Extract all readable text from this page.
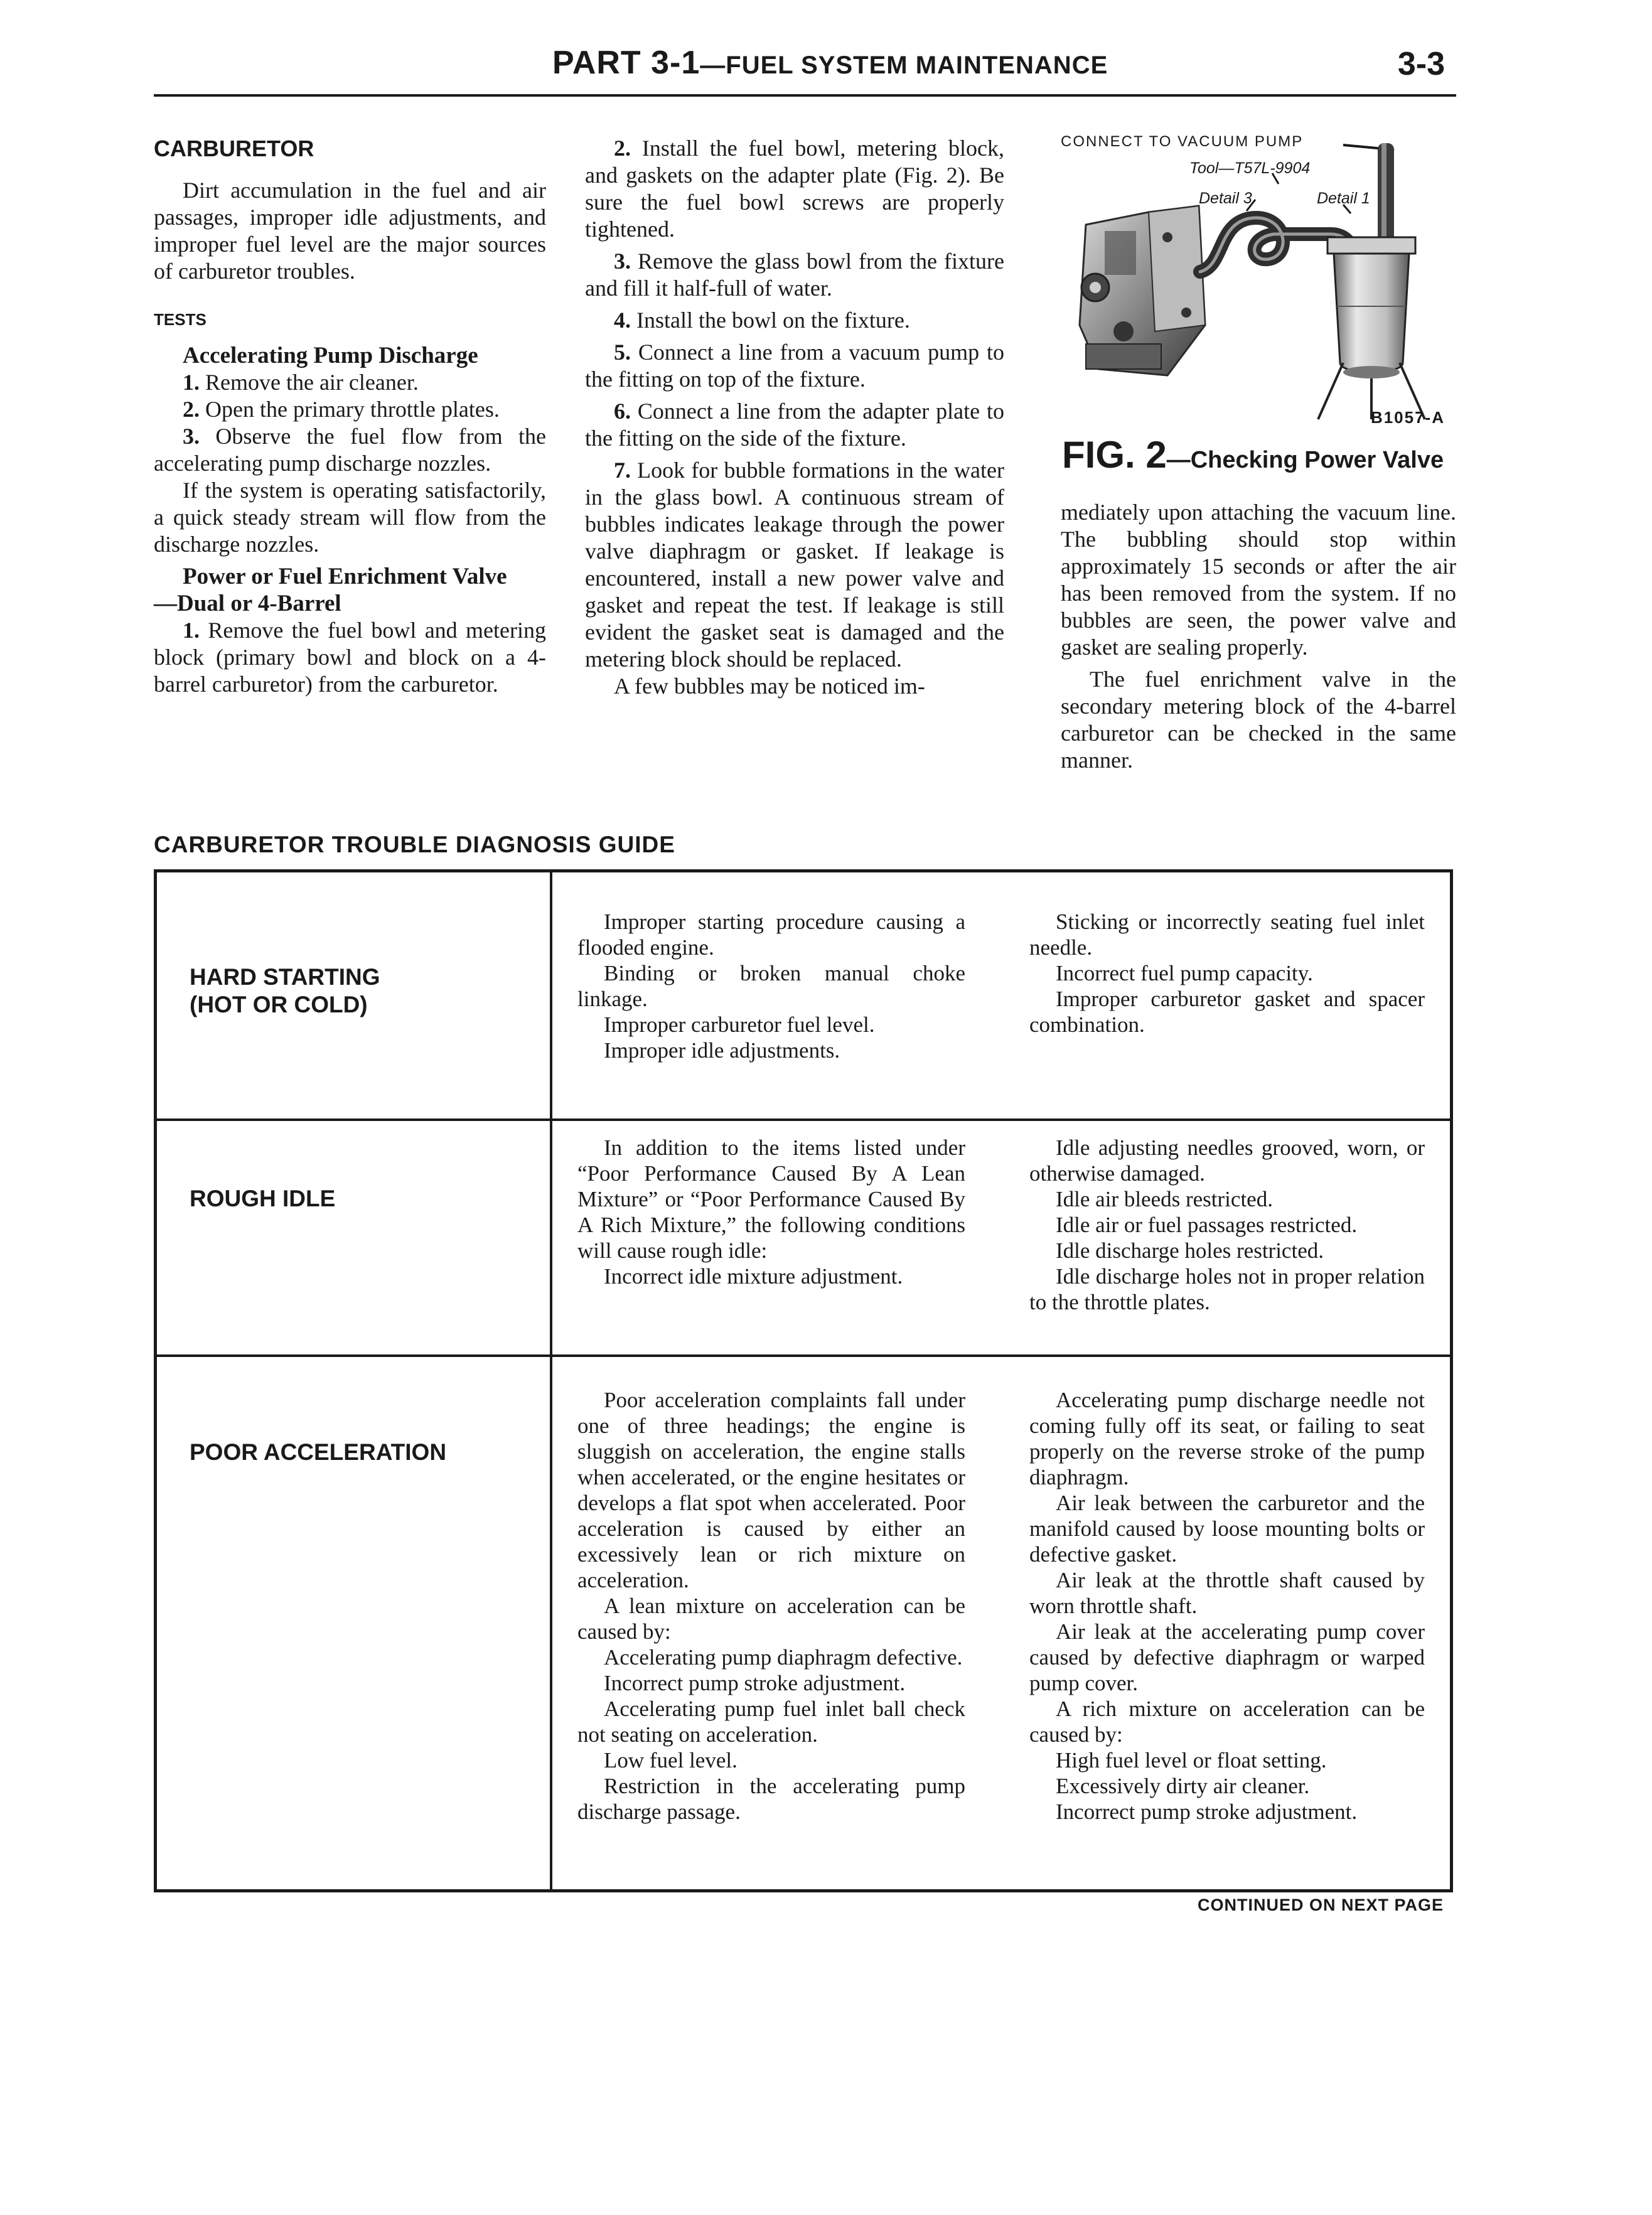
PART 3-1—FUEL SYSTEM MAINTENANCE	3-3
CARBURETOR

Dirt accumulation in the fuel and air passages, improper idle adjustments, and improper fuel level are the major sources of carburetor troubles.

TESTS

Accelerating Pump Discharge

1. Remove the air cleaner.

2. Open the primary throttle plates.

3. Observe the fuel flow from the accelerating pump discharge nozzles.

If the system is operating satisfactorily, a quick steady stream will flow from the discharge nozzles.

Power or Fuel Enrichment Valve

—Dual or 4-Barrel

1. Remove the fuel bowl and metering block (primary bowl and block on a 4-barrel carburetor) from the carburetor.

2. Install the fuel bowl, metering block, and gaskets on the adapter plate (Fig. 2). Be sure the fuel bowl screws are properly tightened.

3. Remove the glass bowl from the fixture and fill it half-full of water.

4. Install the bowl on the fixture.

5. Connect a line from a vacuum pump to the fitting on top of the fixture.

6. Connect a line from the adapter plate to the fitting on the side of the fixture.

7. Look for bubble formations in the water in the glass bowl. A continuous stream of bubbles indicates leakage through the power valve diaphragm or gasket. If leakage is encountered, install a new power valve and gasket and repeat the test. If leakage is still evident the gasket seat is damaged and the metering block should be replaced.

A few bubbles may be noticed im-

CONNECT TO VACUUM PUMP
Tool—T57L-9904
Detail 3	Detail 1
B1057-A
FIG. 2—Checking Power Valve

mediately upon attaching the vacuum line. The bubbling should stop within approximately 15 seconds or after the air has been removed from the system. If no bubbles are seen, the power valve and gasket are sealing properly.

The fuel enrichment valve in the secondary metering block of the 4-barrel carburetor can be checked in the same manner.

CARBURETOR TROUBLE DIAGNOSIS GUIDE
HARD STARTING
(HOT OR COLD)

Improper starting procedure causing a flooded engine.

Binding or broken manual choke linkage.

Improper carburetor fuel level.

Improper idle adjustments.

Sticking or incorrectly seating fuel inlet needle.

Incorrect fuel pump capacity.

Improper carburetor gasket and spacer combination.

ROUGH IDLE

In addition to the items listed under “Poor Performance Caused By A Lean Mixture” or “Poor Performance Caused By A Rich Mixture,” the following conditions will cause rough idle:

Incorrect idle mixture adjustment.

Idle adjusting needles grooved, worn, or otherwise damaged.

Idle air bleeds restricted.

Idle air or fuel passages restricted.

Idle discharge holes restricted.

Idle discharge holes not in proper relation to the throttle plates.

POOR ACCELERATION

Poor acceleration complaints fall under one of three headings; the engine is sluggish on acceleration, the engine stalls when accelerated, or the engine hesitates or develops a flat spot when accelerated. Poor acceleration is caused by either an excessively lean or rich mixture on acceleration.

A lean mixture on acceleration can be caused by:

Accelerating pump diaphragm defective.

Incorrect pump stroke adjustment.

Accelerating pump fuel inlet ball check not seating on acceleration.

Low fuel level.

Restriction in the accelerating pump discharge passage.

Accelerating pump discharge needle not coming fully off its seat, or failing to seat properly on the reverse stroke of the pump diaphragm.

Air leak between the carburetor and the manifold caused by loose mounting bolts or defective gasket.

Air leak at the throttle shaft caused by worn throttle shaft.

Air leak at the accelerating pump cover caused by defective diaphragm or warped pump cover.

A rich mixture on acceleration can be caused by:

High fuel level or float setting.

Excessively dirty air cleaner.

Incorrect pump stroke adjustment.

CONTINUED ON NEXT PAGE
